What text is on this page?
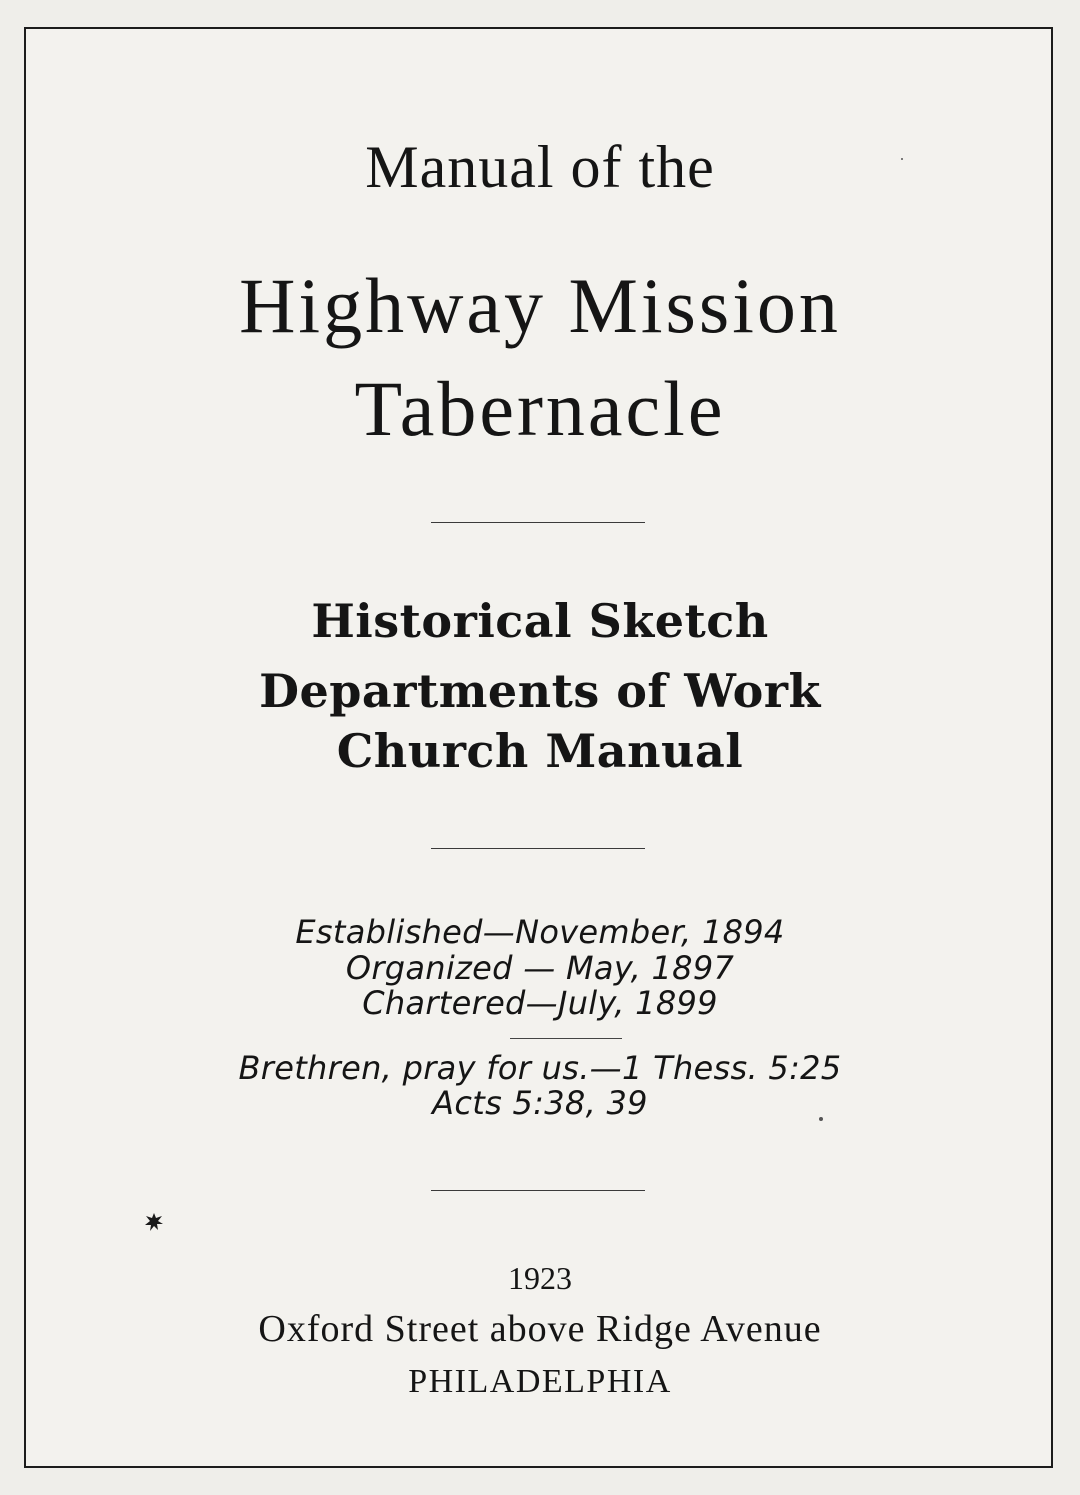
Manual of the
Highway Mission
Tabernacle
Historical Sketch
Departments of Work
Church Manual
Established—November, 1894
Organized — May, 1897
Chartered—July, 1899
Brethren, pray for us.—1 Thess. 5:25
Acts 5:38, 39
1923
Oxford Street above Ridge Avenue
PHILADELPHIA
